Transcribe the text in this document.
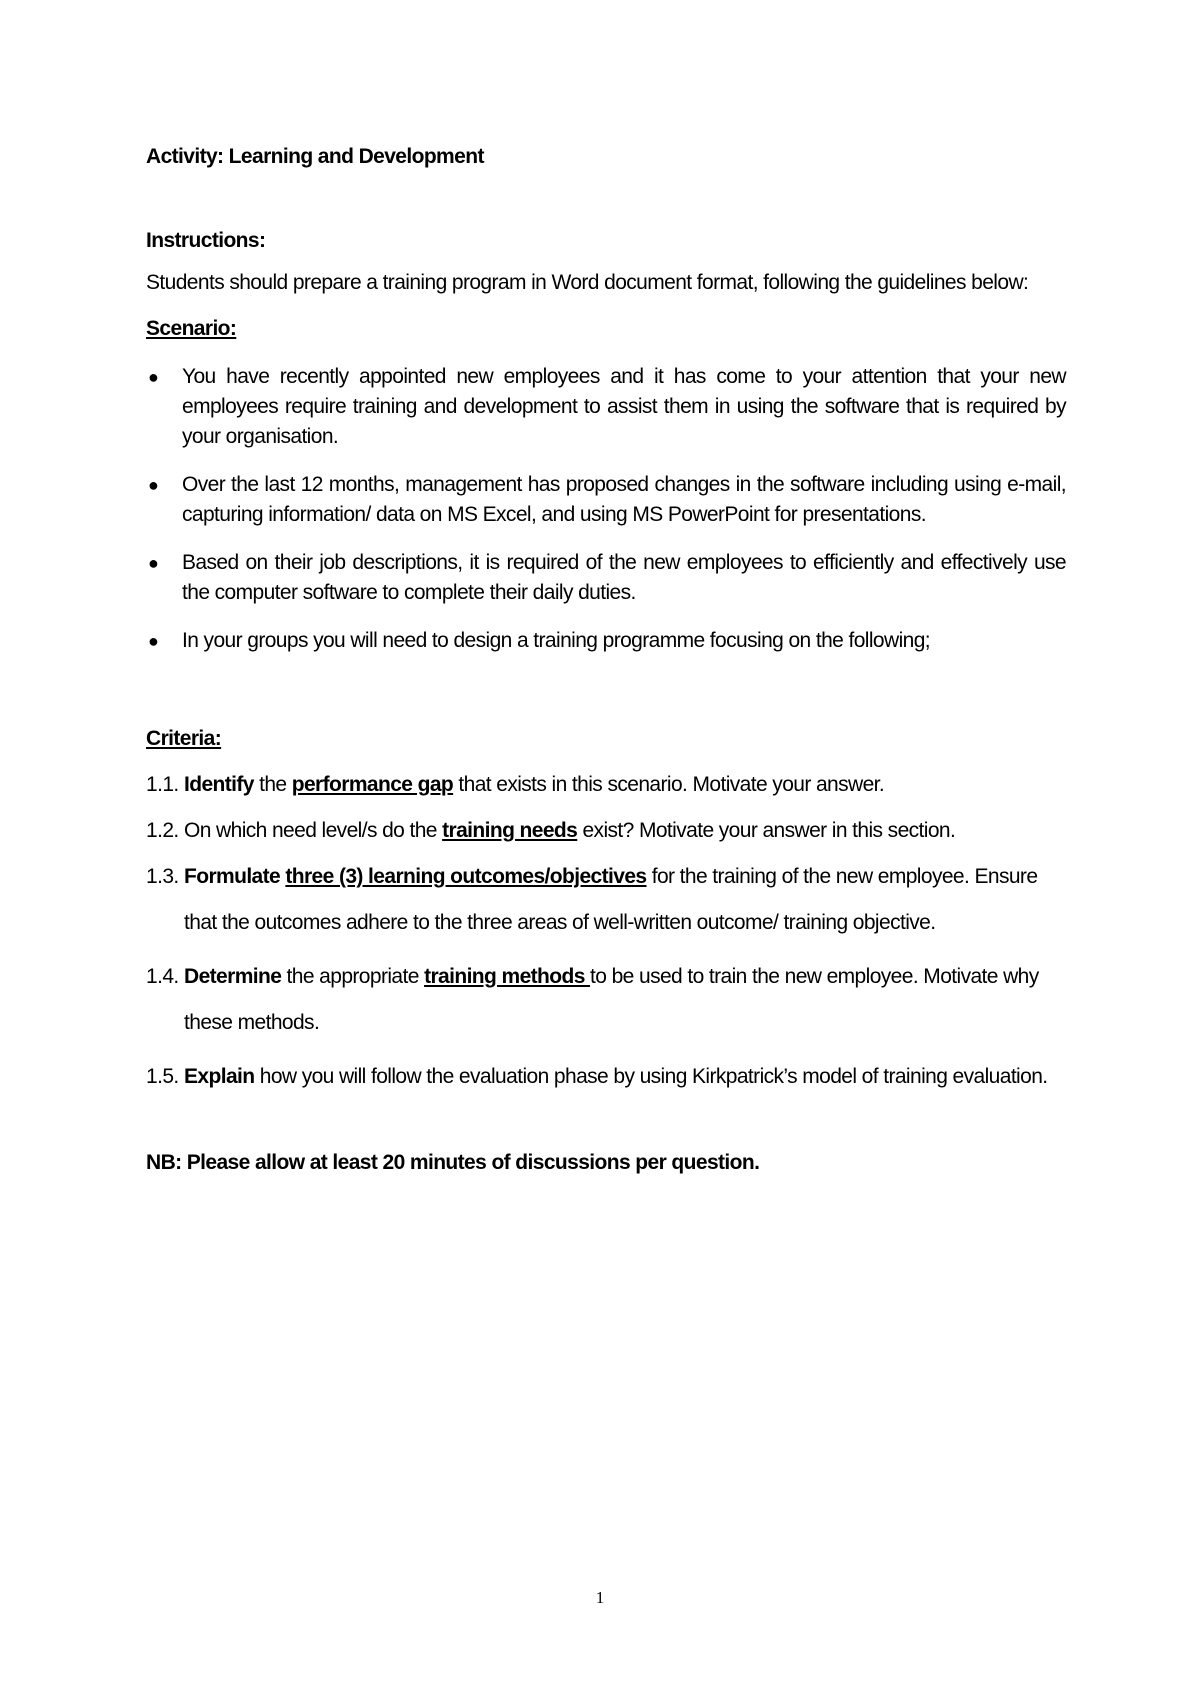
Activity: Learning and Development
Instructions:
Students should prepare a training program in Word document format, following the guidelines below:
Scenario:
● You have recently appointed new employees and it has come to your attention that your new employees require training and development to assist them in using the software that is required by your organisation.
● Over the last 12 months, management has proposed changes in the software including using e-mail, capturing information/ data on MS Excel, and using MS PowerPoint for presentations.
● Based on their job descriptions, it is required of the new employees to efficiently and effectively use the computer software to complete their daily duties.
● In your groups you will need to design a training programme focusing on the following;
Criteria:
1.1. Identify the performance gap that exists in this scenario. Motivate your answer.
1.2. On which need level/s do the training needs exist? Motivate your answer in this section.
1.3. Formulate three (3) learning outcomes/objectives for the training of the new employee. Ensure that the outcomes adhere to the three areas of well-written outcome/ training objective.
1.4. Determine the appropriate training methods to be used to train the new employee. Motivate why these methods.
1.5. Explain how you will follow the evaluation phase by using Kirkpatrick’s model of training evaluation.
NB: Please allow at least 20 minutes of discussions per question.
1
